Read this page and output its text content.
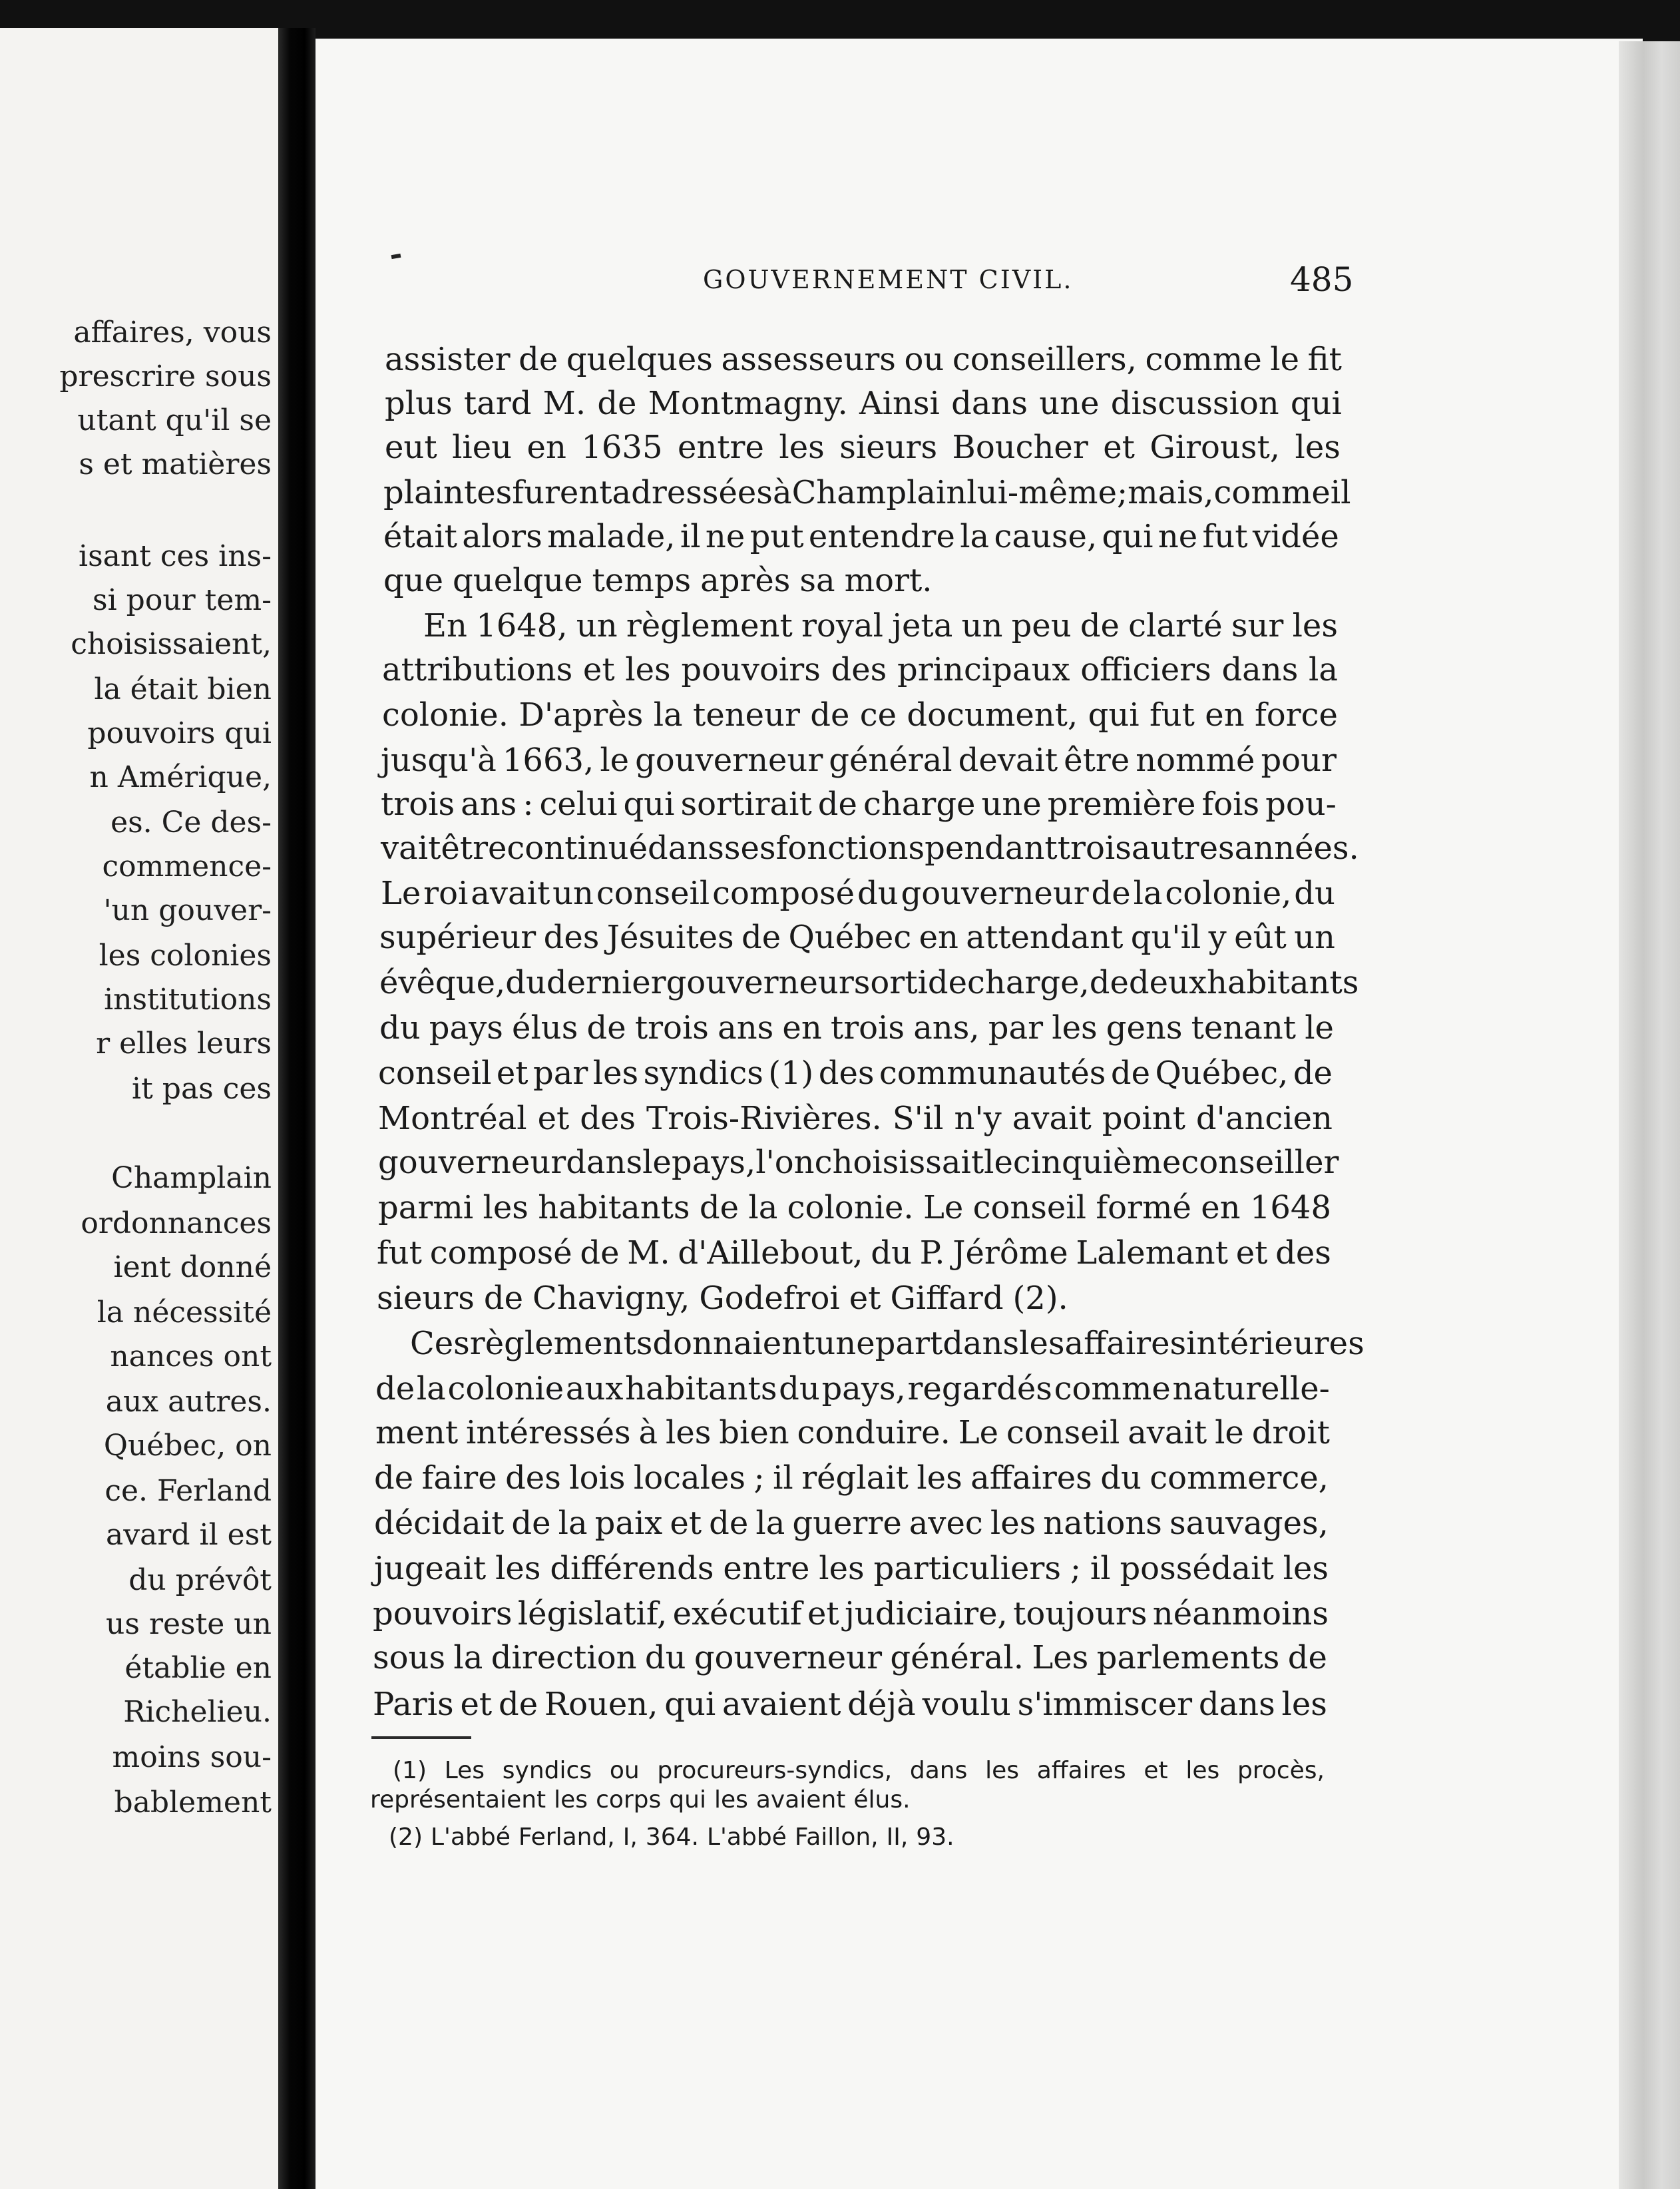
affaires, vous
prescrire sous
utant qu'il se
s et matières
isant ces ins-
si pour tem-
choisissaient,
la était bien
pouvoirs qui
n Amérique,
es. Ce des-
commence-
'un gouver-
les colonies
institutions
r elles leurs
it pas ces
Champlain
ordonnances
ient donné
la nécessité
nances ont
aux autres.
Québec, on
ce. Ferland
avard il est
du prévôt
us reste un
établie en
Richelieu.
moins sou-
bablement
GOUVERNEMENT CIVIL.	485
assister de quelques assesseurs ou conseillers, comme le fit
plus tard M. de Montmagny. Ainsi dans une discussion qui
eut lieu en 1635 entre les sieurs Boucher et Giroust, les
plaintes furent adressées à Champlain lui-même ; mais, comme il
était alors malade, il ne put entendre la cause, qui ne fut vidée
que quelque temps après sa mort.
En 1648, un règlement royal jeta un peu de clarté sur les
attributions et les pouvoirs des principaux officiers dans la
colonie. D'après la teneur de ce document, qui fut en force
jusqu'à 1663, le gouverneur général devait être nommé pour
trois ans : celui qui sortirait de charge une première fois pou-
vait être continué dans ses fonctions pendant trois autres années.
Le roi avait un conseil composé du gouverneur de la colonie, du
supérieur des Jésuites de Québec en attendant qu'il y eût un
évêque, du dernier gouverneur sorti de charge, de deux habitants
du pays élus de trois ans en trois ans, par les gens tenant le
conseil et par les syndics (1) des communautés de Québec, de
Montréal et des Trois-Rivières. S'il n'y avait point d'ancien
gouverneur dans le pays, l'on choisissait le cinquième conseiller
parmi les habitants de la colonie. Le conseil formé en 1648
fut composé de M. d'Aillebout, du P. Jérôme Lalemant et des
sieurs de Chavigny, Godefroi et Giffard (2).
Ces règlements donnaient une part dans les affaires intérieures
de la colonie aux habitants du pays, regardés comme naturelle-
ment intéressés à les bien conduire. Le conseil avait le droit
de faire des lois locales ; il réglait les affaires du commerce,
décidait de la paix et de la guerre avec les nations sauvages,
jugeait les différends entre les particuliers ; il possédait les
pouvoirs législatif, exécutif et judiciaire, toujours néanmoins
sous la direction du gouverneur général. Les parlements de
Paris et de Rouen, qui avaient déjà voulu s'immiscer dans les
(1) Les syndics ou procureurs-syndics, dans les affaires et les procès,
représentaient les corps qui les avaient élus.
(2) L'abbé Ferland, I, 364. L'abbé Faillon, II, 93.
